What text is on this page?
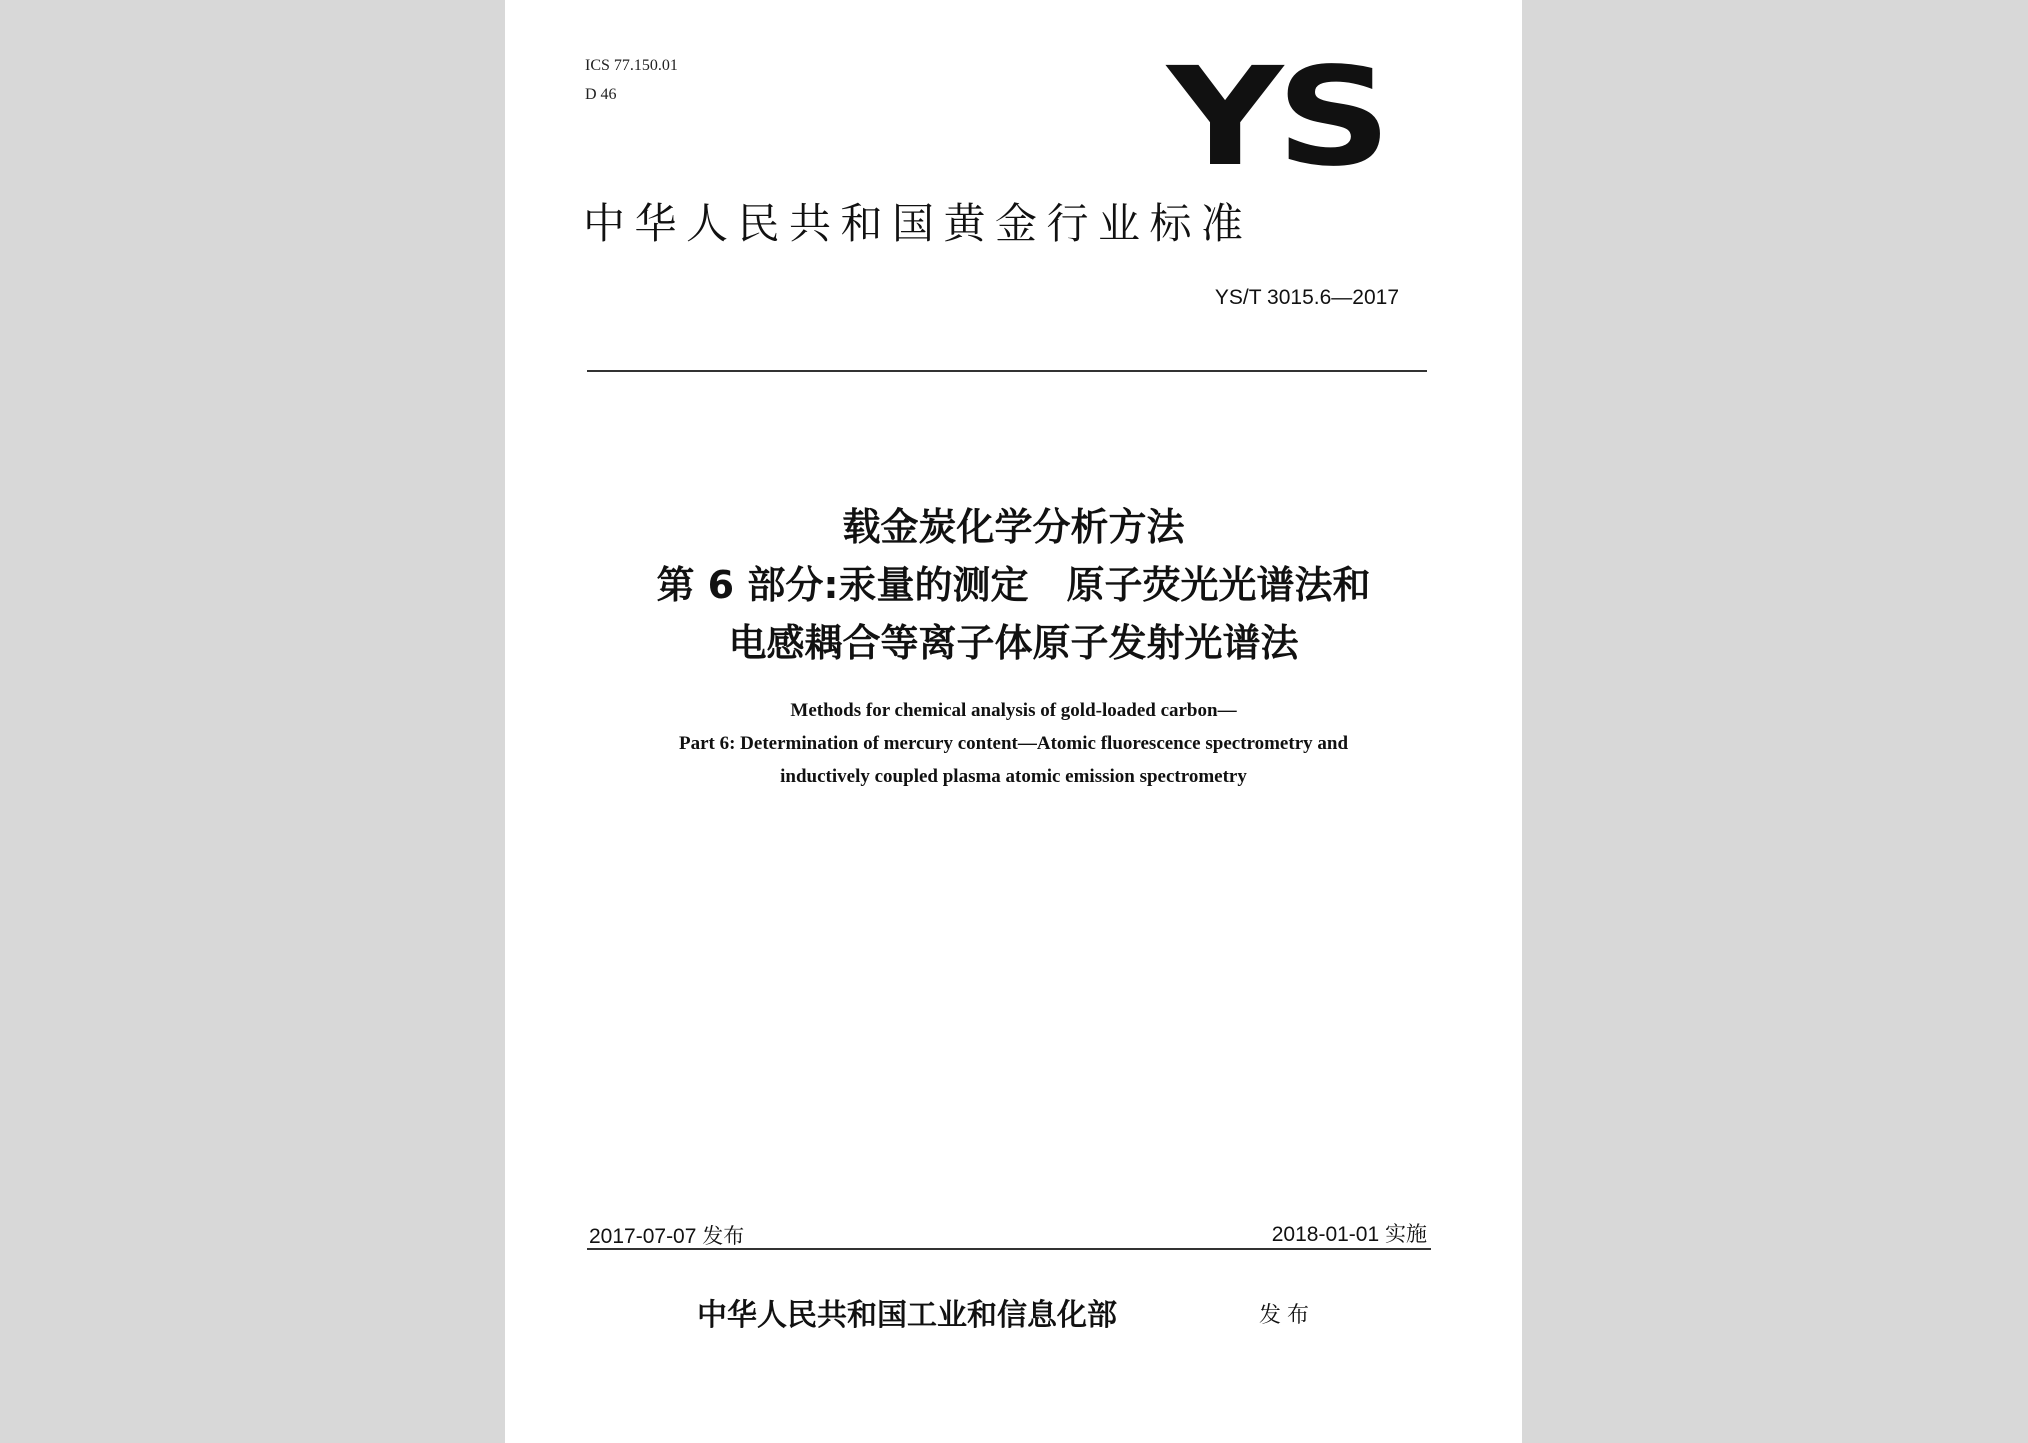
ICS 77.150.01
D 46	YS
中华人民共和国黄金行业标准
YS/T 3015.6—2017
载金炭化学分析方法
第 6 部分:汞量的测定　原子荧光光谱法和
电感耦合等离子体原子发射光谱法
Methods for chemical analysis of gold-loaded carbon—
Part 6: Determination of mercury content—Atomic fluorescence spectrometry and
inductively coupled plasma atomic emission spectrometry
2017-07-07 发布	2018-01-01 实施
中华人民共和国工业和信息化部	发布
